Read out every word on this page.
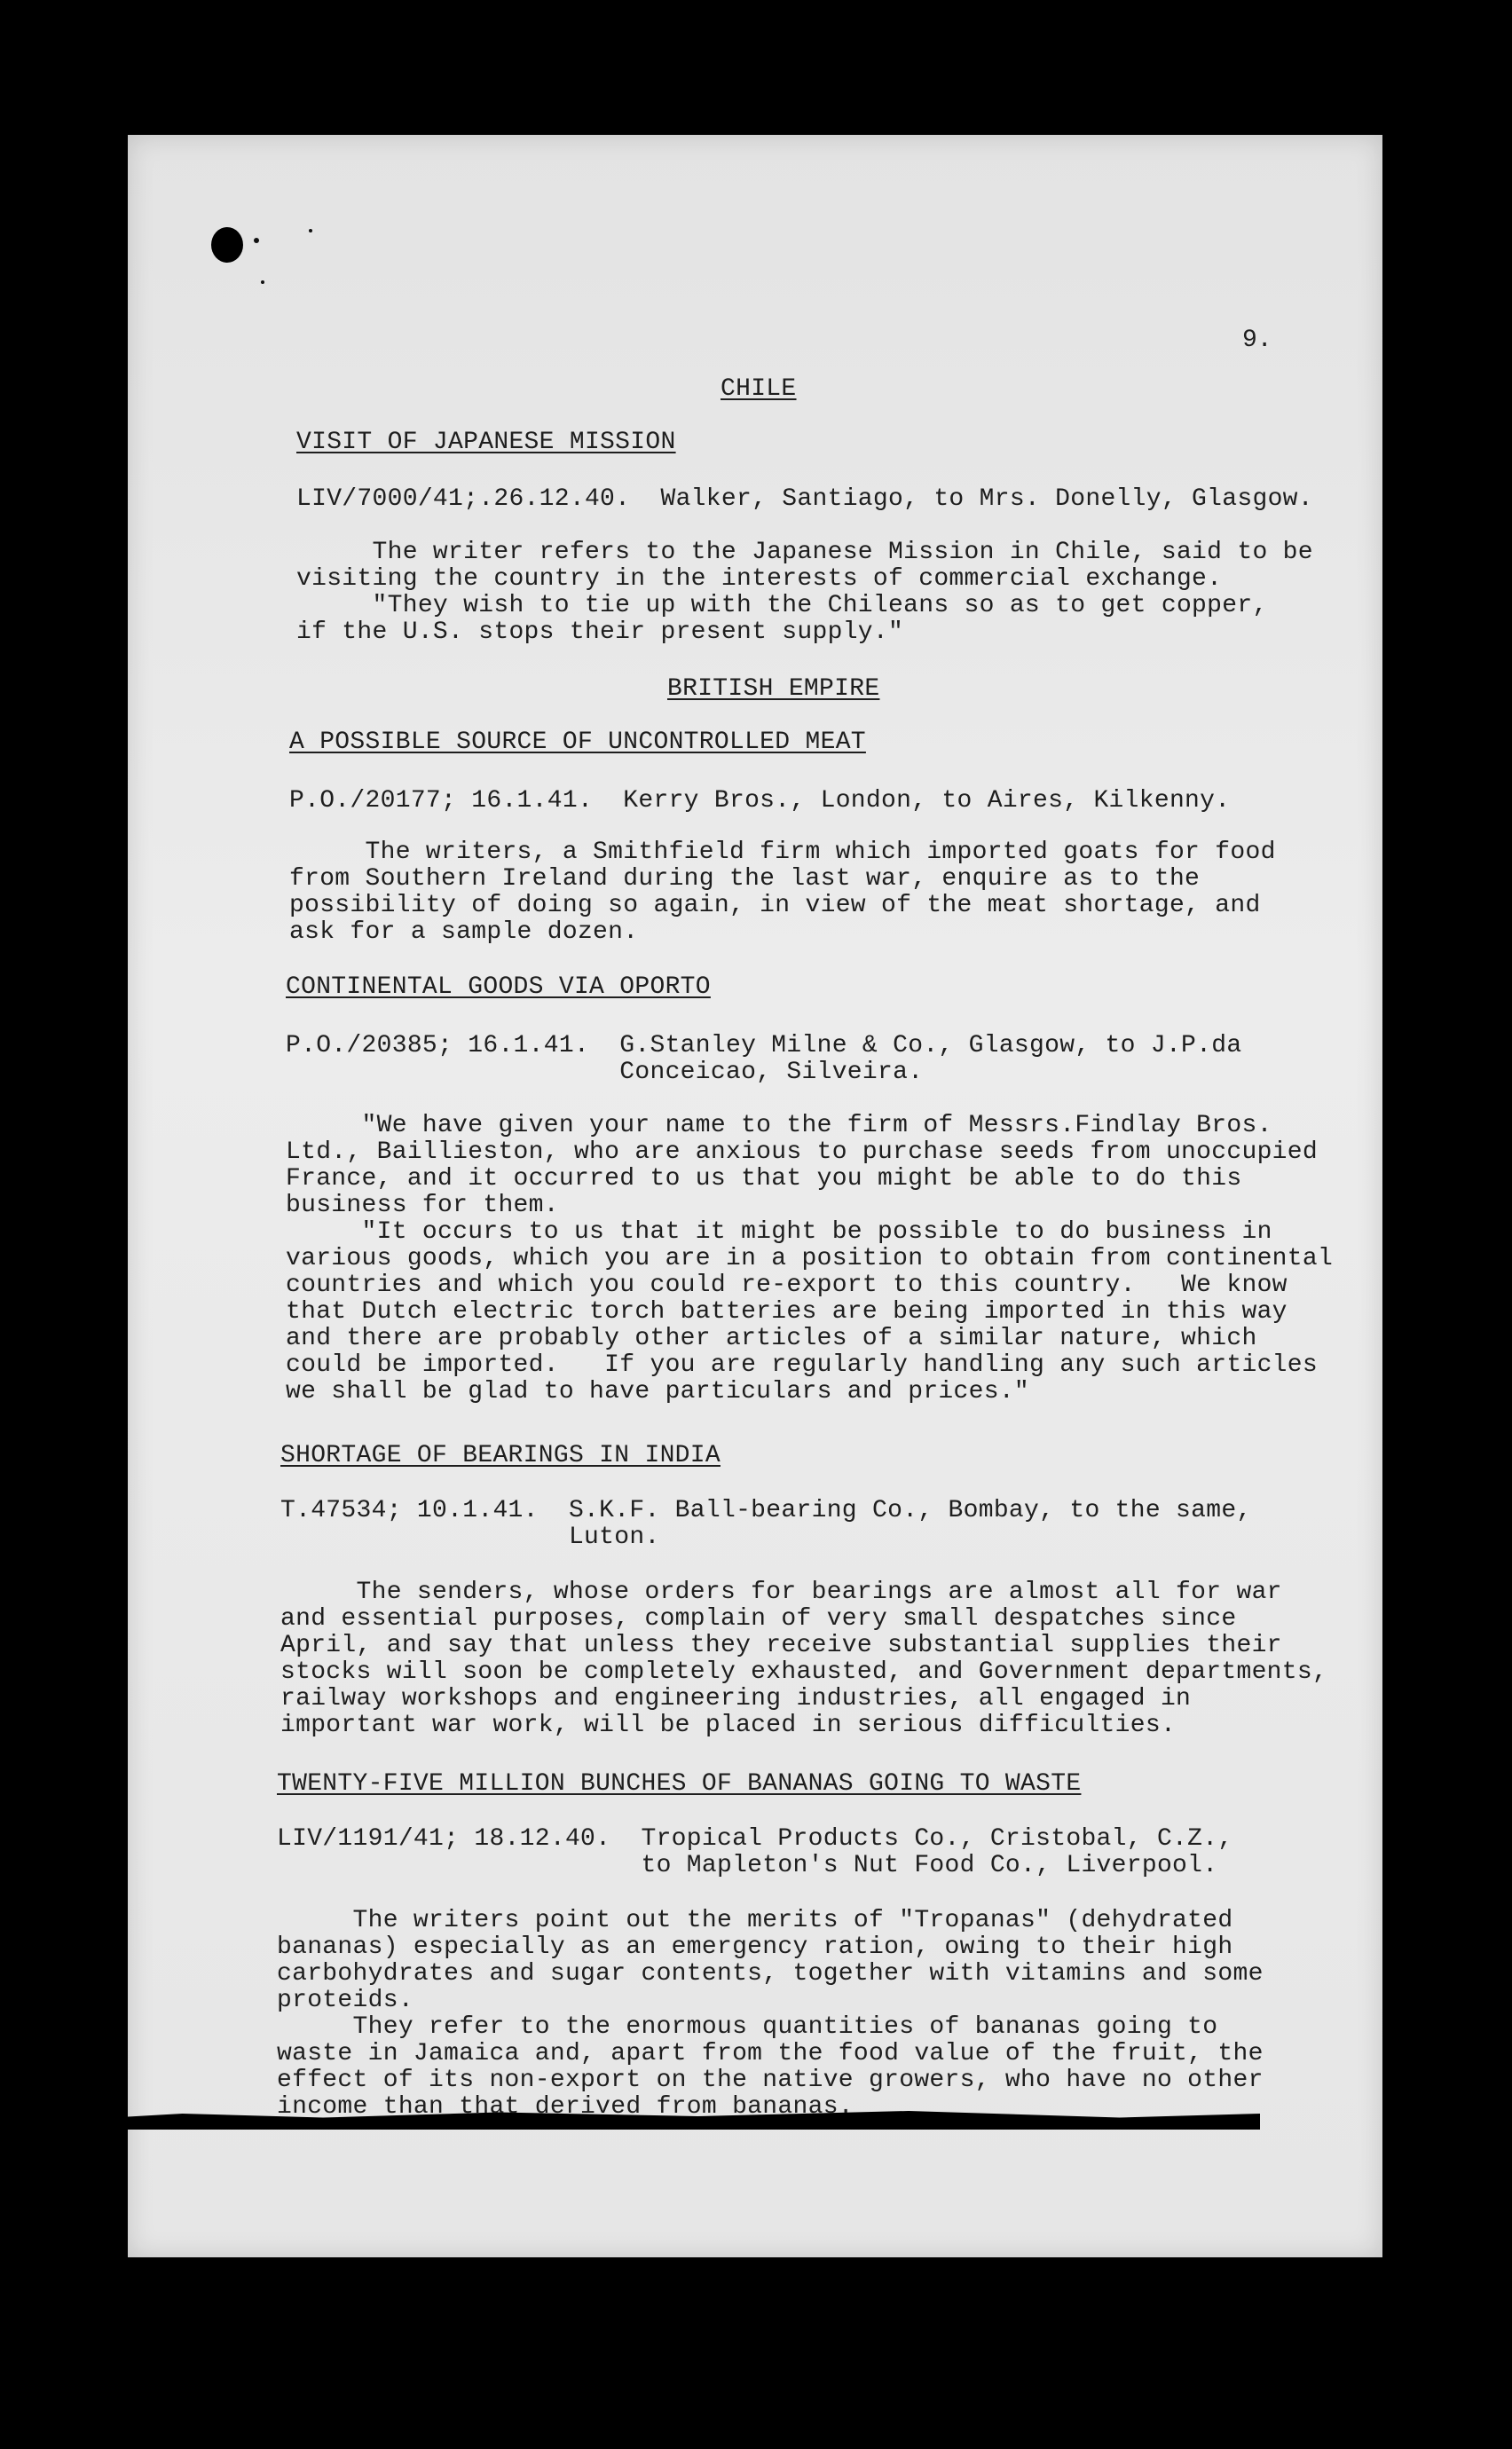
9.
CHILE
VISIT OF JAPANESE MISSION
LIV/7000/41;.26.12.40.  Walker, Santiago, to Mrs. Donelly, Glasgow.
The writer refers to the Japanese Mission in Chile, said to be
visiting the country in the interests of commercial exchange.
"They wish to tie up with the Chileans so as to get copper,
if the U.S. stops their present supply."
BRITISH EMPIRE
A POSSIBLE SOURCE OF UNCONTROLLED MEAT
P.O./20177; 16.1.41.  Kerry Bros., London, to Aires, Kilkenny.
The writers, a Smithfield firm which imported goats for food
from Southern Ireland during the last war, enquire as to the
possibility of doing so again, in view of the meat shortage, and
ask for a sample dozen.
CONTINENTAL GOODS VIA OPORTO
P.O./20385; 16.1.41.  G.Stanley Milne & Co., Glasgow, to J.P.da
Conceicao, Silveira.
"We have given your name to the firm of Messrs.Findlay Bros.
Ltd., Baillieston, who are anxious to purchase seeds from unoccupied
France, and it occurred to us that you might be able to do this
business for them.
"It occurs to us that it might be possible to do business in
various goods, which you are in a position to obtain from continental
countries and which you could re-export to this country.   We know
that Dutch electric torch batteries are being imported in this way
and there are probably other articles of a similar nature, which
could be imported.   If you are regularly handling any such articles
we shall be glad to have particulars and prices."
SHORTAGE OF BEARINGS IN INDIA
T.47534; 10.1.41.  S.K.F. Ball-bearing Co., Bombay, to the same,
Luton.
The senders, whose orders for bearings are almost all for war
and essential purposes, complain of very small despatches since
April, and say that unless they receive substantial supplies their
stocks will soon be completely exhausted, and Government departments,
railway workshops and engineering industries, all engaged in
important war work, will be placed in serious difficulties.
TWENTY-FIVE MILLION BUNCHES OF BANANAS GOING TO WASTE
LIV/1191/41; 18.12.40.  Tropical Products Co., Cristobal, C.Z.,
to Mapleton's Nut Food Co., Liverpool.
The writers point out the merits of "Tropanas" (dehydrated
bananas) especially as an emergency ration, owing to their high
carbohydrates and sugar contents, together with vitamins and some
proteids.
They refer to the enormous quantities of bananas going to
waste in Jamaica and, apart from the food value of the fruit, the
effect of its non-export on the native growers, who have no other
income than that derived from bananas.
